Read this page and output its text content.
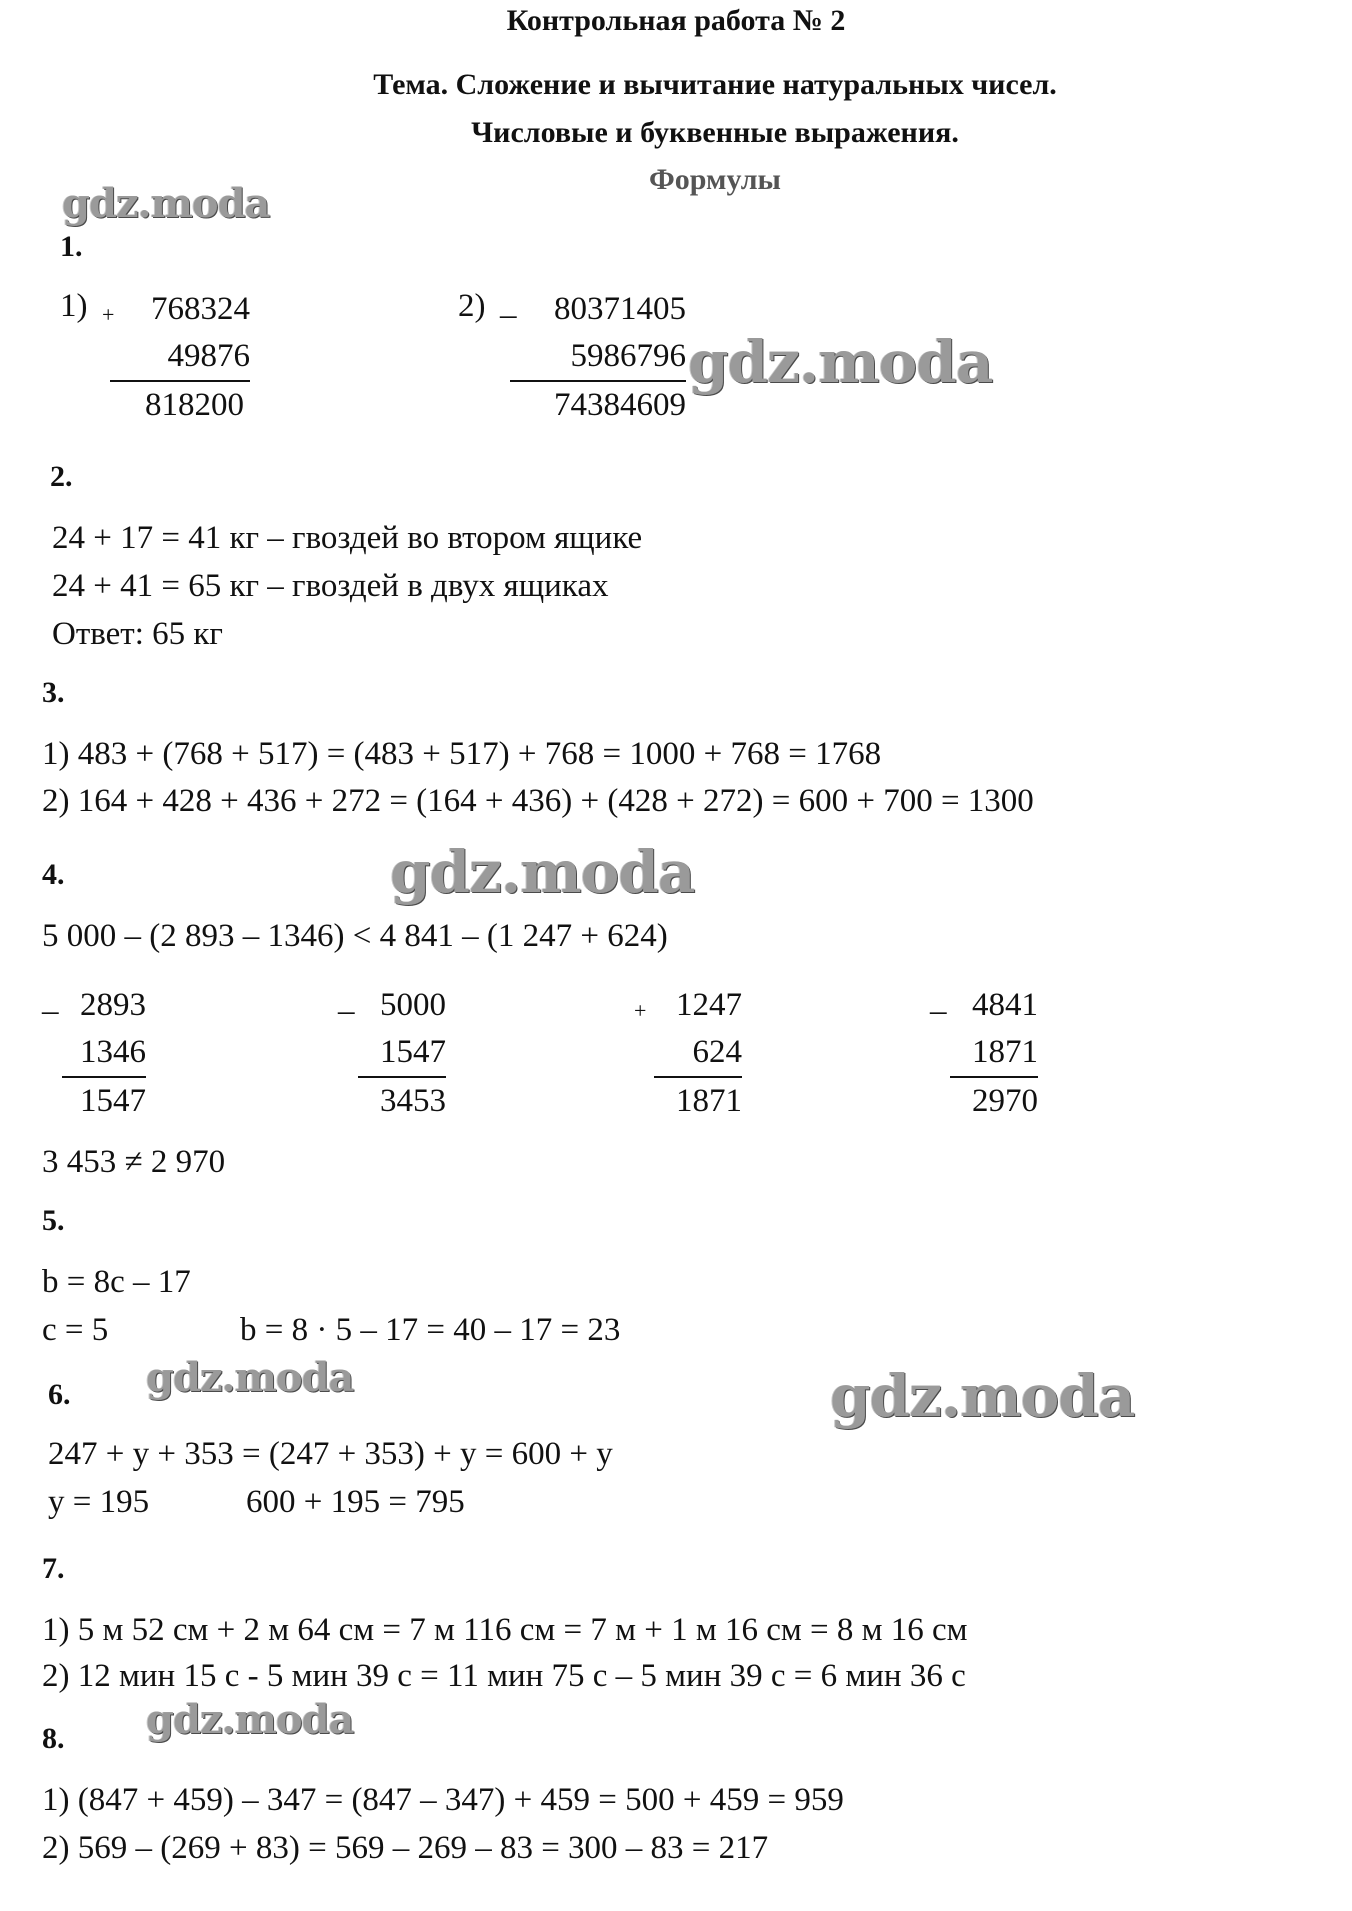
Контрольная работа № 2
Тема. Сложение и вычитание натуральных чисел.
Числовые и буквенные выражения.
Формулы
gdz.moda
gdz.moda
gdz.moda
gdz.moda	gdz.moda
gdz.moda
1.
1) +	768324
49876
818200
2) _	80371405
5986796
74384609
2.
24 + 17 = 41 кг – гвоздей во втором ящике
24 + 41 = 65 кг – гвоздей в двух ящиках
Ответ: 65 кг
3.
1) 483 + (768 + 517) = (483 + 517) + 768 = 1000 + 768 = 1768
2) 164 + 428 + 436 + 272 = (164 + 436) + (428 + 272) = 600 + 700 = 1300
4.
5 000 – (2 893 – 1346) < 4 841 – (1 247 + 624)
_ 2893
1346
1547
_ 5000
1547
3453
+ 1247
624
1871
_ 4841
1871
2970
3 453 ≠ 2 970
5.
b = 8c – 17
c = 5	b = 8 · 5 – 17 = 40 – 17 = 23
6.
247 + y + 353 = (247 + 353) + y = 600 + y
y = 195	600 + 195 = 795
7.
1) 5 м 52 см + 2 м 64 см = 7 м 116 см = 7 м + 1 м 16 см = 8 м 16 см
2) 12 мин 15 с - 5 мин 39 с = 11 мин 75 с – 5 мин 39 с = 6 мин 36 с
8.
1) (847 + 459) – 347 = (847 – 347) + 459 = 500 + 459 = 959
2) 569 – (269 + 83) = 569 – 269 – 83 = 300 – 83 = 217
